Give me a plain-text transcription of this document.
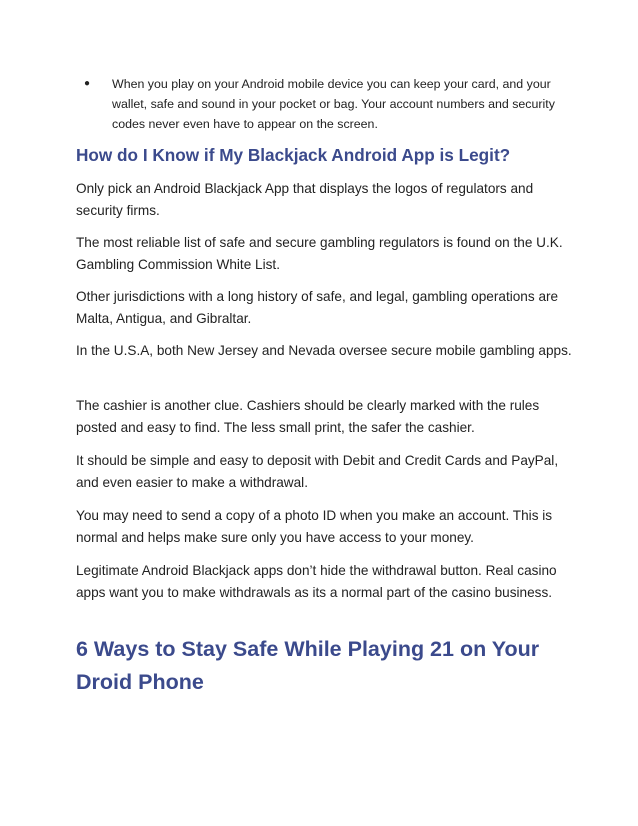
● When you play on your Android mobile device you can keep your card, and your wallet, safe and sound in your pocket or bag. Your account numbers and security codes never even have to appear on the screen.
How do I Know if My Blackjack Android App is Legit?

Only pick an Android Blackjack App that displays the logos of regulators and security firms.

The most reliable list of safe and secure gambling regulators is found on the U.K. Gambling Commission White List.

Other jurisdictions with a long history of safe, and legal, gambling operations are Malta, Antigua, and Gibraltar.

In the U.S.A, both New Jersey and Nevada oversee secure mobile gambling apps.

The cashier is another clue. Cashiers should be clearly marked with the rules posted and easy to find. The less small print, the safer the cashier.

It should be simple and easy to deposit with Debit and Credit Cards and PayPal, and even easier to make a withdrawal.

You may need to send a copy of a photo ID when you make an account. This is normal and helps make sure only you have access to your money.

Legitimate Android Blackjack apps don’t hide the withdrawal button. Real casino apps want you to make withdrawals as its a normal part of the casino business.

6 Ways to Stay Safe While Playing 21 on Your Droid Phone
